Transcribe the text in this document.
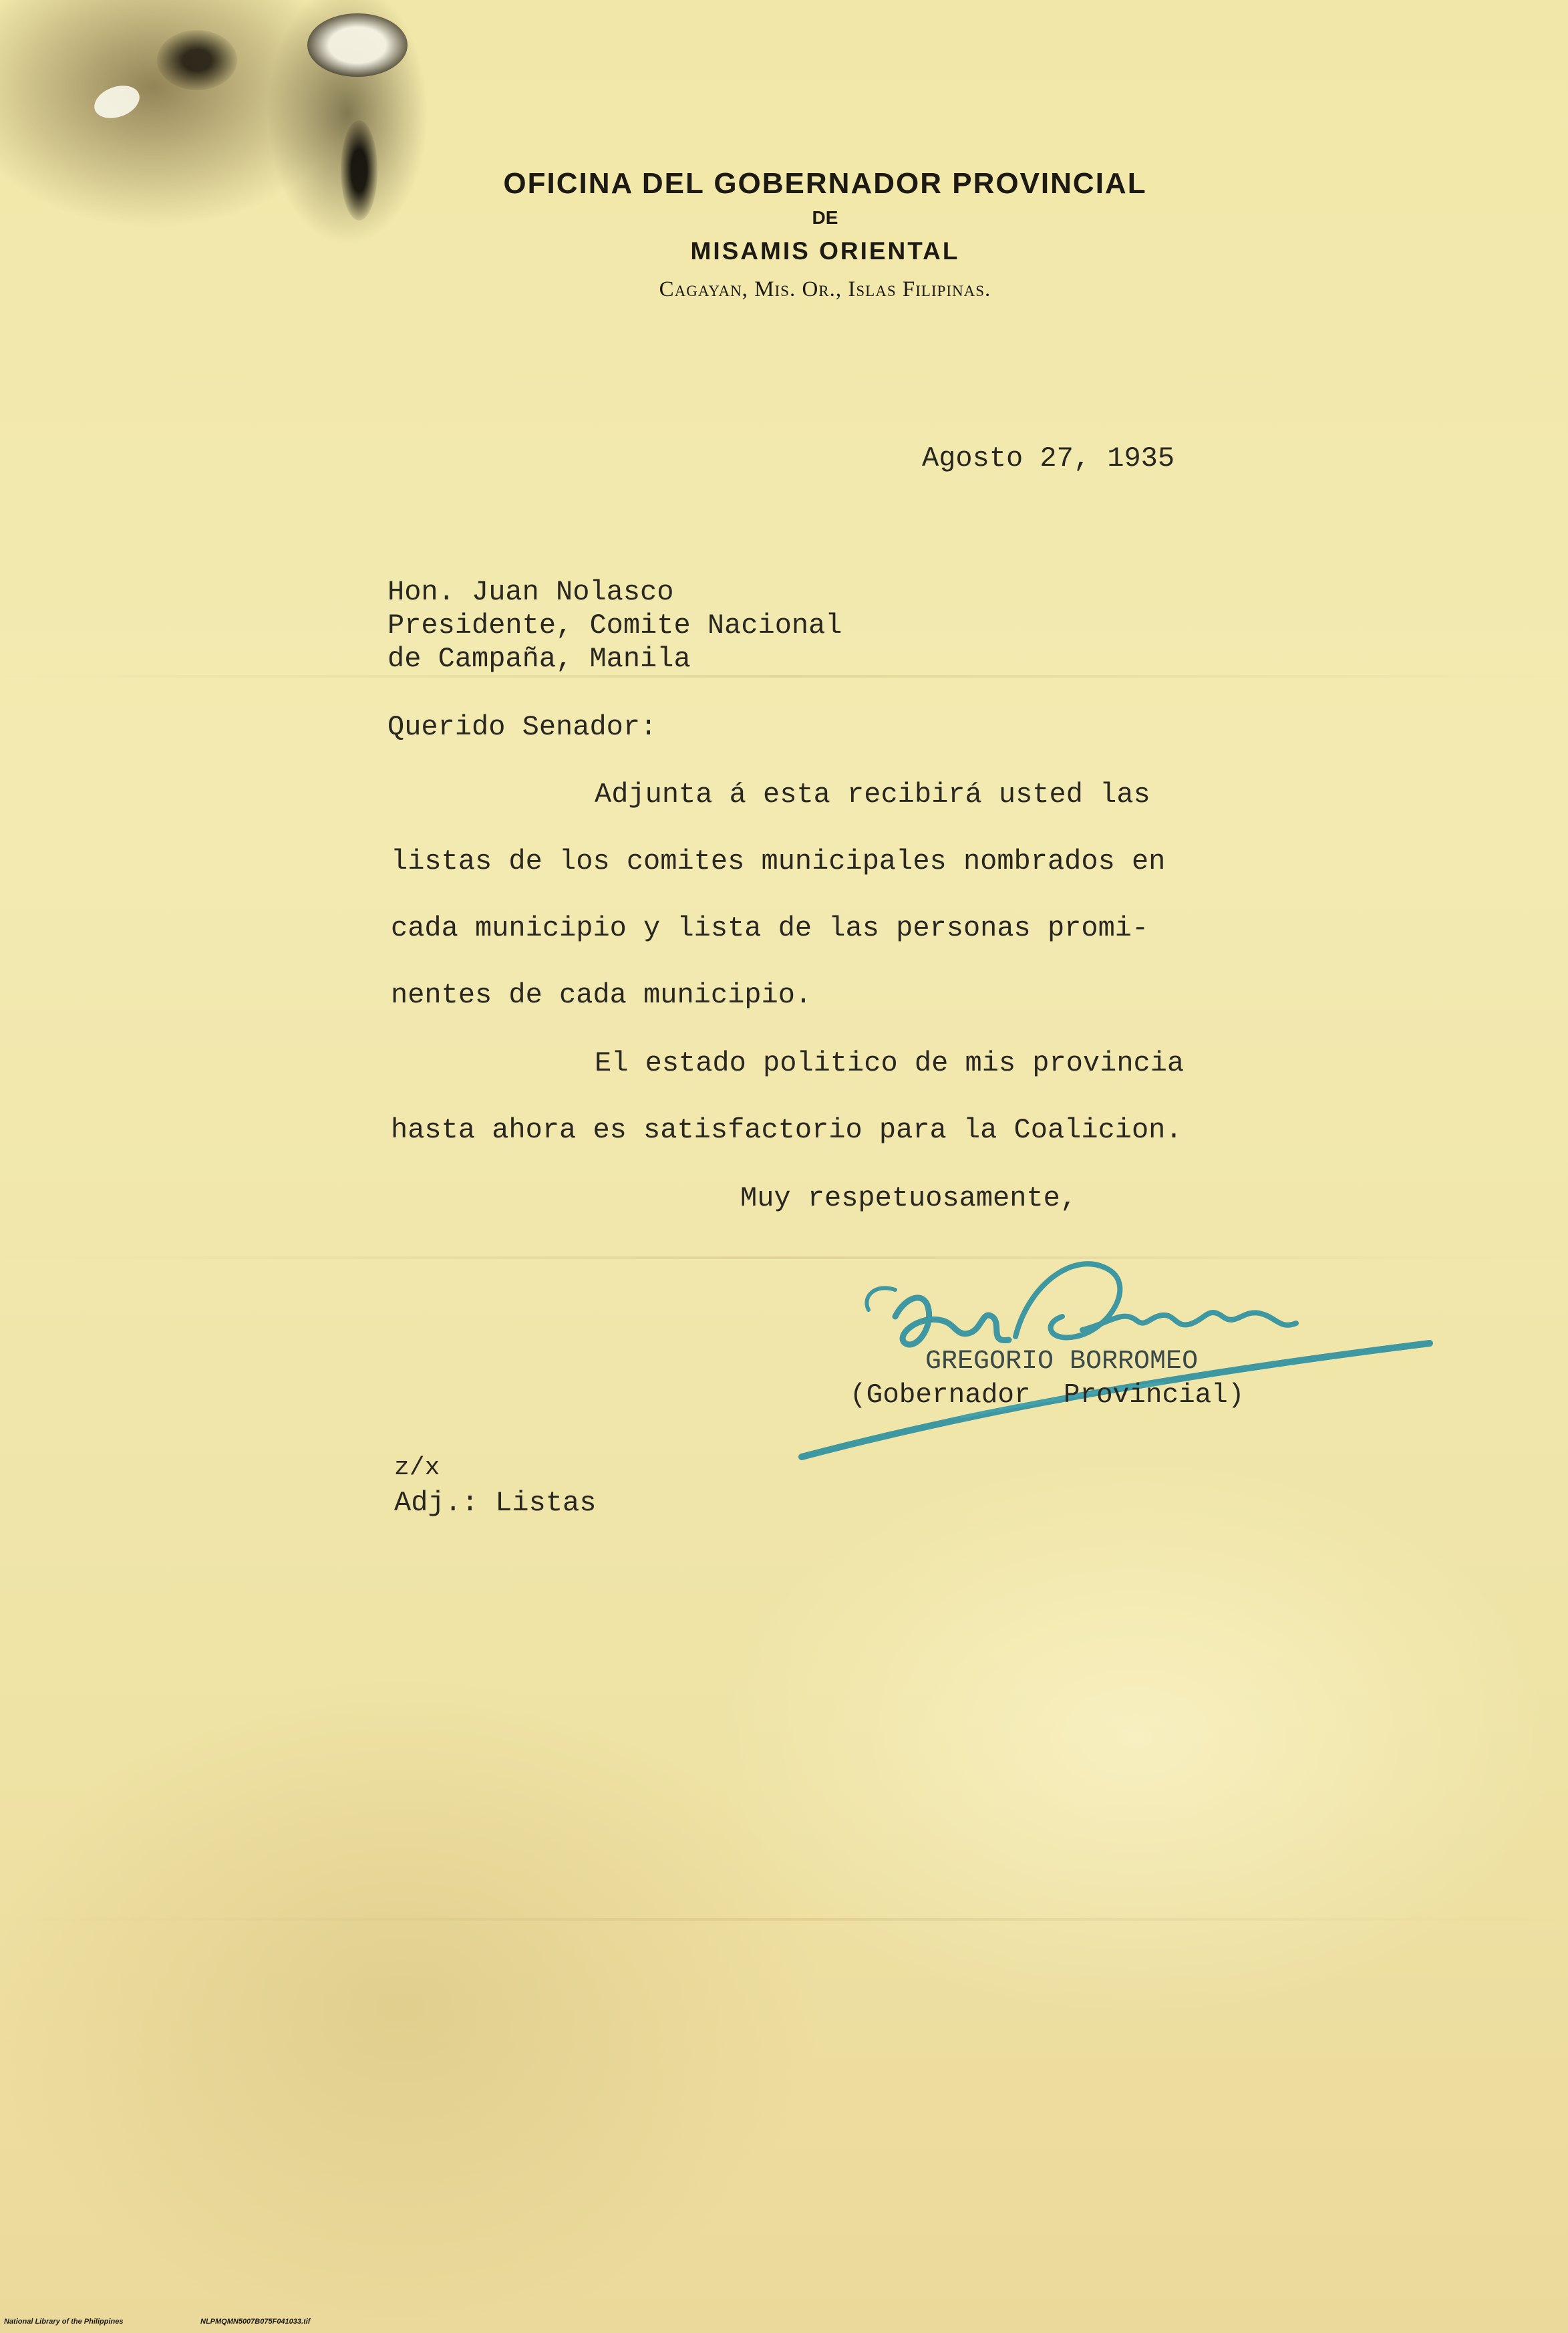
OFICINA DEL GOBERNADOR PROVINCIAL
DE
MISAMIS ORIENTAL
Cagayan, Mis. Or., Islas Filipinas.
Agosto 27, 1935
Hon. Juan Nolasco
Presidente, Comite Nacional
de Campaña, Manila
Querido Senador:
Adjunta á esta recibirá usted las
listas de los comites municipales nombrados en
cada municipio y lista de las personas promi-
nentes de cada municipio.
El estado politico de mis provincia
hasta ahora es satisfactorio para la Coalicion.
Muy respetuosamente,
GREGORIO BORROMEO
(Gobernador  Provincial)
z/x
Adj.: Listas
National Library of the Philippines	NLPMQMN5007B075F041033.tif
